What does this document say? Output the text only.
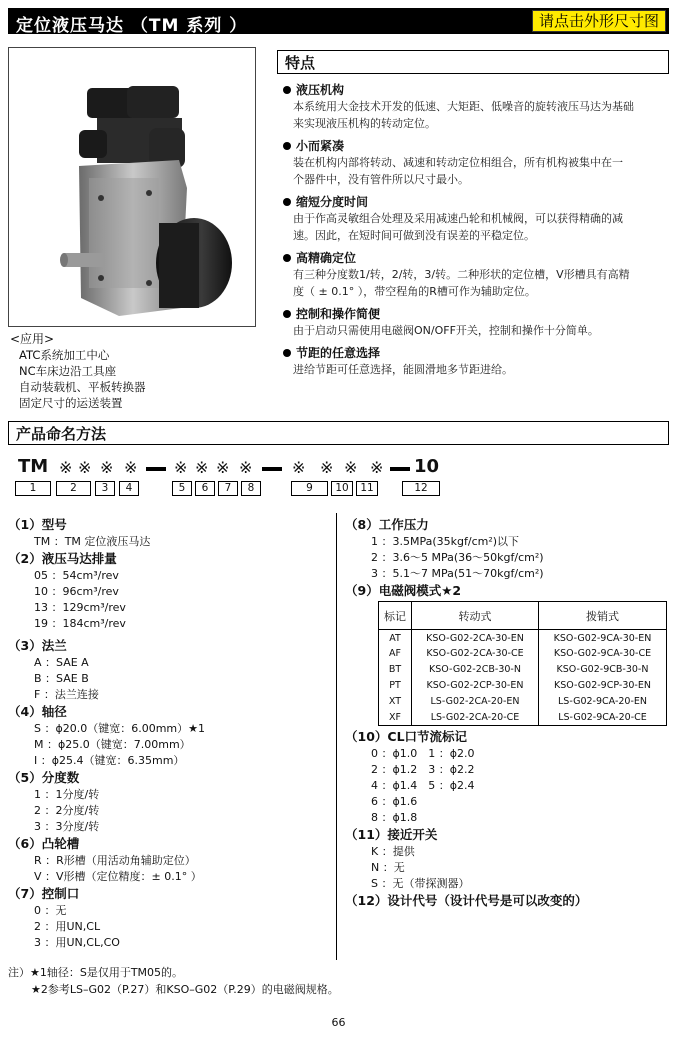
定位液压马达 （TM 系列 ）	请点击外形尺寸图
<应用>
ATC系统加工中心
NC车床边沿工具座
自动装载机、平板转换器
固定尺寸的运送装置
特点
液压机构
本系统用大金技术开发的低速、大矩距、低噪音的旋转液压马达为基础
来实现液压机构的转动定位。
小而紧凑
装在机构内部将转动、减速和转动定位相组合，所有机构被集中在一
个器件中，没有管件所以尺寸最小。
缩短分度时间
由于作高灵敏组合处理及采用减速凸轮和机械阀，可以获得精确的减
速。因此，在短时间可做到没有误差的平稳定位。
高精确定位
有三种分度数1/转，2/转，3/转。二种形状的定位槽，V形槽具有高精
度（ ± 0.1° ），带空程角的R槽可作为辅助定位。
控制和操作简便
由于启动只需使用电磁阀ON/OFF开关，控制和操作十分简单。
节距的任意选择
进给节距可任意选择，能圆滑地多节距进给。
产品命名方法
TM ※ ※ ※ ※ ※ ※ ※ ※ ※ ※ ※ ※ 10
1	2	3	4	5	6	7	8	9	10	11	12
（1）型号
TM ：TM 定位液压马达
（2）液压马达排量
05 ：54cm³/rev
10 ：96cm³/rev
13 ：129cm³/rev
19 ：184cm³/rev
（3）法兰
A ：SAE A
B ：SAE B
F ：法兰连接
（4）轴径
S ：ϕ20.0（键宽：6.00mm）★1
M ：ϕ25.0（键宽：7.00mm）
I ：ϕ25.4（键宽：6.35mm）
（5）分度数
1 ：1分度/转
2 ：2分度/转
3 ：3分度/转
（6）凸轮槽
R ：R形槽（用活动角辅助定位）
V ：V形槽（定位精度：± 0.1° ）
（7）控制口
0 ：无
2 ：用UN,CL
3 ：用UN,CL,CO
（8）工作压力
1 ：3.5MPa(35kgf/cm²)以下
2 ：3.6～5 MPa(36～50kgf/cm²)
3 ：5.1～7 MPa(51～70kgf/cm²)
（9）电磁阀模式★2
标记	转动式	拨销式
AT	KSO-G02-2CA-30-EN	KSO-G02-9CA-30-EN
AF	KSO-G02-2CA-30-CE	KSO-G02-9CA-30-CE
BT	KSO-G02-2CB-30-N	KSO-G02-9CB-30-N
PT	KSO-G02-2CP-30-EN	KSO-G02-9CP-30-EN
XT	LS-G02-2CA-20-EN	LS-G02-9CA-20-EN
XF	LS-G02-2CA-20-CE	LS-G02-9CA-20-CE
（10）CL口节流标记
0 ：ϕ1.0　1 ：ϕ2.0
2 ：ϕ1.2　3 ：ϕ2.2
4 ：ϕ1.4　5 ：ϕ2.4
6 ：ϕ1.6
8 ：ϕ1.8
（11）接近开关
K ：提供
N ：无
S ：无（带探测器）
（12）设计代号（设计代号是可以改变的）
注）★1轴径：S是仅用于TM05的。
★2参考LS–G02（P.27）和KSO–G02（P.29）的电磁阀规格。
66
